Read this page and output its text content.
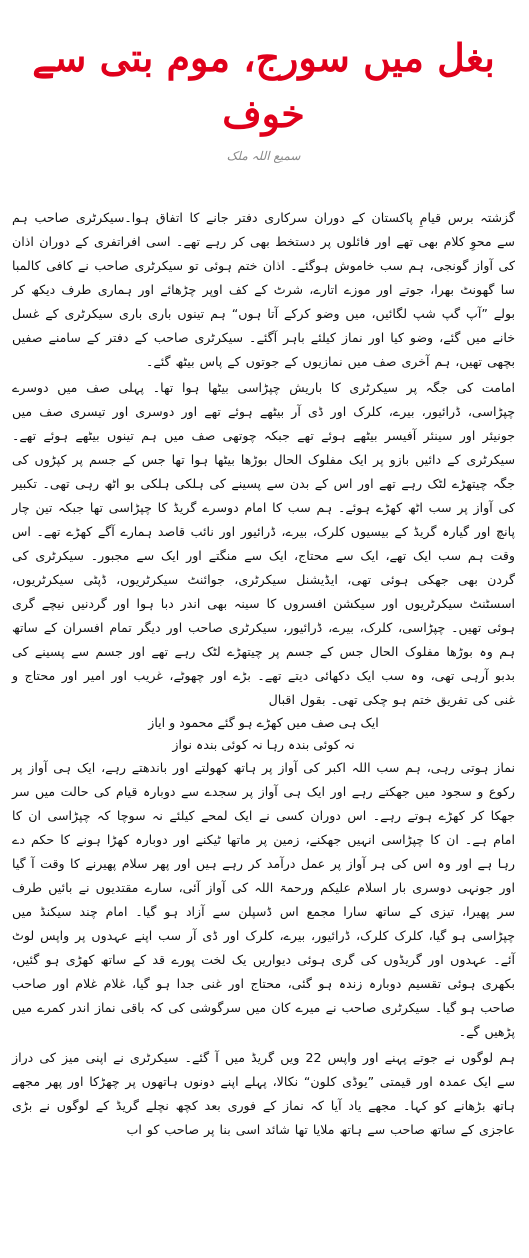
بغل میں سورج، موم بتی سے خوف
سمیع اللہ ملک

گزشتہ برس قیامِ پاکستان کے دوران سرکاری دفتر جانے کا اتفاق ہوا۔سیکرٹری صاحب ہم سے محوِ کلام بھی تھے اور فائلوں پر دستخط بھی کر رہے تھے۔ اسی افراتفری کے دوران اذان کی آواز گونجی، ہم سب خاموش ہوگئے۔ اذان ختم ہوئی تو سیکرٹری صاحب نے کافی کالمبا سا گھونٹ بھرا، جوتے اور موزے اتارے، شرٹ کے کف اوپر چڑھائے اور ہماری طرف دیکھ کر بولے ”آپ گپ شپ لگائیں، میں وضو کرکے آتا ہوں“ ہم تینوں باری باری سیکرٹری کے غسل خانے میں گئے، وضو کیا اور نماز کیلئے باہر آگئے۔ سیکرٹری صاحب کے دفتر کے سامنے صفیں بچھی تھیں، ہم آخری صف میں نمازیوں کے جوتوں کے پاس بیٹھ گئے۔

امامت کی جگہ پر سیکرٹری کا باریش چپڑاسی بیٹھا ہوا تھا۔ پہلی صف میں دوسرے چپڑاسی، ڈرائیور، بیرے، کلرک اور ڈی آر بیٹھے ہوئے تھے اور دوسری اور تیسری صف میں جونیئر اور سینئر آفیسر بیٹھے ہوئے تھے جبکہ چوتھی صف میں ہم تینوں بیٹھے ہوئے تھے۔ سیکرٹری کے دائیں بازو پر ایک مفلوک الحال بوڑھا بیٹھا ہوا تھا جس کے جسم پر کپڑوں کی جگہ چیتھڑے لٹک رہے تھے اور اس کے بدن سے پسینے کی ہلکی ہلکی بو اٹھ رہی تھی۔ تکبیر کی آواز پر سب اٹھ کھڑے ہوئے۔ ہم سب کا امام دوسرے گریڈ کا چپڑاسی تھا جبکہ تین چار پانچ اور گیارہ گریڈ کے بیسیوں کلرک، بیرے، ڈرائیور اور نائب قاصد ہمارے آگے کھڑے تھے۔ اس وقت ہم سب ایک تھے، ایک سے محتاج، ایک سے منگتے اور ایک سے مجبور۔ سیکرٹری کی گردن بھی جھکی ہوئی تھی، ایڈیشنل سیکرٹری، جوائنٹ سیکرٹریوں، ڈپٹی سیکرٹریوں، اسسٹنٹ سیکرٹریوں اور سیکشن افسروں کا سینہ بھی اندر دبا ہوا اور گردنیں نیچے گری ہوئی تھیں۔ چپڑاسی، کلرک، بیرے، ڈرائیور، سیکرٹری صاحب اور دیگر تمام افسران کے ساتھ ہم وہ بوڑھا مفلوک الحال جس کے جسم پر چیتھڑے لٹک رہے تھے اور جسم سے پسینے کی بدبو آرہی تھی، وہ سب ایک دکھائی دیتے تھے۔ بڑے اور چھوٹے، غریب اور امیر اور محتاج و غنی کی تفریق ختم ہو چکی تھی۔ بقول اقبال

ایک ہی صف میں کھڑے ہو گئے محمود و ایاز

نہ کوئی بندہ رہا نہ کوئی بندہ نواز

نماز ہوتی رہی، ہم سب اللہ اکبر کی آواز پر ہاتھ کھولتے اور باندھتے رہے، ایک ہی آواز پر رکوع و سجود میں جھکتے رہے اور ایک ہی آواز پر سجدے سے دوبارہ قیام کی حالت میں سر جھکا کر کھڑے ہوتے رہے۔ اس دوران کسی نے ایک لمحے کیلئے نہ سوچا کہ چپڑاسی ان کا امام ہے۔ ان کا چپڑاسی انہیں جھکنے، زمین پر ماتھا ٹیکنے اور دوبارہ کھڑا ہونے کا حکم دے رہا ہے اور وہ اس کی ہر آواز پر عمل درآمد کر رہے ہیں اور پھر سلام پھیرنے کا وقت آ گیا اور جونہی دوسری بار اسلام علیکم ورحمۃ اللہ کی آواز آئی، سارے مقتدیوں نے بائیں طرف سر پھیرا، تیزی کے ساتھ سارا مجمع اس ڈسپلن سے آزاد ہو گیا۔ امام چند سیکنڈ میں چپڑاسی ہو گیا، کلرک کلرک، ڈرائیور، بیرے، کلرک اور ڈی آر سب اپنے عہدوں پر واپس لوٹ آئے۔ عہدوں اور گریڈوں کی گری ہوئی دیواریں یک لخت پورے قد کے ساتھ کھڑی ہو گئیں، بکھری ہوئی تقسیم دوبارہ زندہ ہو گئی، محتاج اور غنی جدا ہو گیا، غلام غلام اور صاحب صاحب ہو گیا۔ سیکرٹری صاحب نے میرے کان میں سرگوشی کی کہ باقی نماز اندر کمرے میں پڑھیں گے۔

ہم لوگوں نے جوتے پہنے اور واپس 22 ویں گریڈ میں آ گئے۔ سیکرٹری نے اپنی میز کی دراز سے ایک عمدہ اور قیمتی ”یوڈی کلون“ نکالا، پہلے اپنے دونوں ہاتھوں پر چھڑکا اور پھر مجھے ہاتھ بڑھانے کو کہا۔ مجھے یاد آیا کہ نماز کے فوری بعد کچھ نچلے گریڈ کے لوگوں نے بڑی عاجزی کے ساتھ صاحب سے ہاتھ ملایا تھا شائد اسی بنا پر صاحب کو اب
